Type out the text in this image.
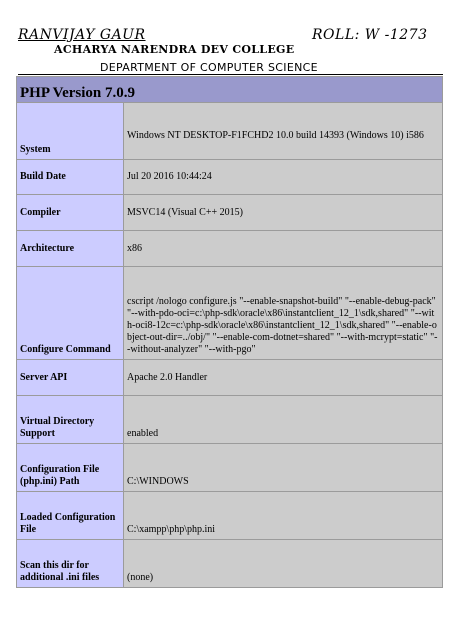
RANVIJAY GAUR	ROLL: W -1273
ACHARYA NARENDRA DEV COLLEGE
DEPARTMENT OF COMPUTER SCIENCE
PHP Version 7.0.9	
System	Windows NT DESKTOP-F1FCHD2 10.0 build 14393 (Windows 10) i586

Build Date	Jul 20 2016 10:44:24
Compiler	MSVC14 (Visual C++ 2015)
Architecture	x86
Configure Command	cscript /nologo configure.js "--enable-snapshot-build" "--enable-debug-pack" "--with-pdo-oci=c:\php-sdk\oracle\x86\instantclient_12_1\sdk,shared" "--with-oci8-12c=c:\php-sdk\oracle\x86\instantclient_12_1\sdk,shared" "--enable-object-out-dir=../obj/" "--enable-com-dotnet=shared" "--with-mcrypt=static" "--without-analyzer" "--with-pgo"

Server API	Apache 2.0 Handler
Virtual Directory Support	enabled
Configuration File (php.ini) Path	C:\WINDOWS
Loaded Configuration File	C:\xampp\php\php.ini
Scan this dir for additional .ini files	(none)
